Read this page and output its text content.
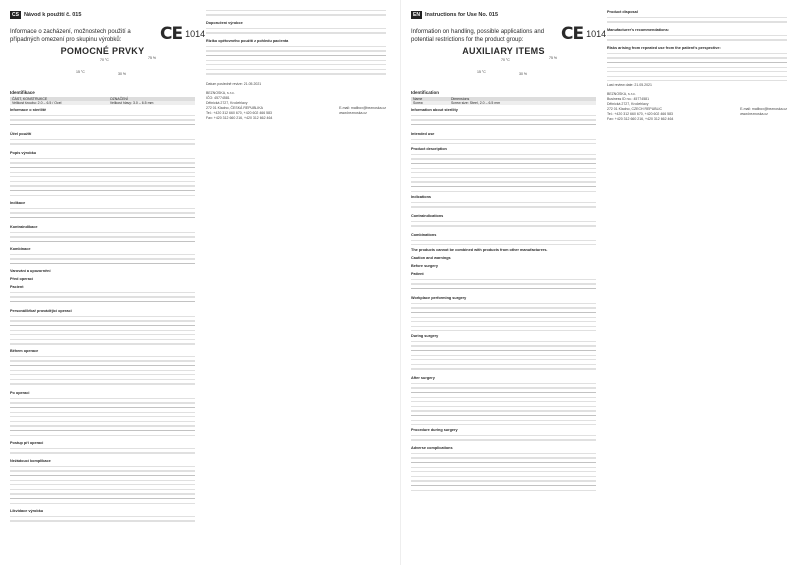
CS Návod k použití č. 015
CE 1014
Informace o zacházení, možnostech použití a případných omezení pro skupinu výrobků:
POMOCNÉ PRVKY
70 °C
15 °C
75 %
30 %
Identifikace
ČÁST, KONSTRUKCE	OZNAČENÍ
Velikost šroubu: 2.0 – 6.5 / Ocel	Velikost hlavy: 3.0 – 6.5 mm
Informace o sterilitě
Účel použití
Popis výrobku
Indikace
Kontraindikace
Kombinace
Varování a upozornění
Před operací
Pacient
Personál/lékař provádějící operaci
Během operace
Po operaci
Postup při operaci
Nežádoucí komplikace
Likvidace výrobku
Doporučení výrobce
Riziko opětovného použití z pohledu pacienta
Datum posledně revize: 21.05.2021
BEZNOSKA, s.r.o.
IČO: 45774581
Dělnická 2727, Kročehlavy
272 01 Kladno, ČESKÁ REPUBLIKA
Tel.: +420 312 660 670, +420 602 466 583
Fax: +420 312 660 216, +420 312 662 464
E-mail: mailbox@beznoska.cz
www.beznoska.cz
EN Instructions for Use No. 015
CE 1014
Information on handling, possible applications and potential restrictions for the product group:
AUXILIARY ITEMS
70 °C
15 °C
75 %
30 %
Identification
Name	Dimensions
Screw	Screw size: Steel, 2.0 – 6.5 mm
Information about sterility
Intended use
Product description
Indications
Contraindications
Combinations
The products cannot be combined with products from other manufacturers.
Caution and warnings
Before surgery
Patient
Workplace performing surgery
During surgery
After surgery
Procedure during surgery
Adverse complications
Product disposal
Manufacturer's recommendations:
Risks arising from repeated use from the patient's perspective:
Last review date: 21.05.2021
BEZNOSKA, s.r.o.
Business ID no.: 45774581
Dělnická 2727, Kročehlavy
272 01 Kladno, CZECH REPUBLIC
Tel.: +420 312 660 670, +420 602 466 583
Fax: +420 312 660 216, +420 312 662 464
E-mail: mailbox@beznoska.cz
www.beznoska.cz
